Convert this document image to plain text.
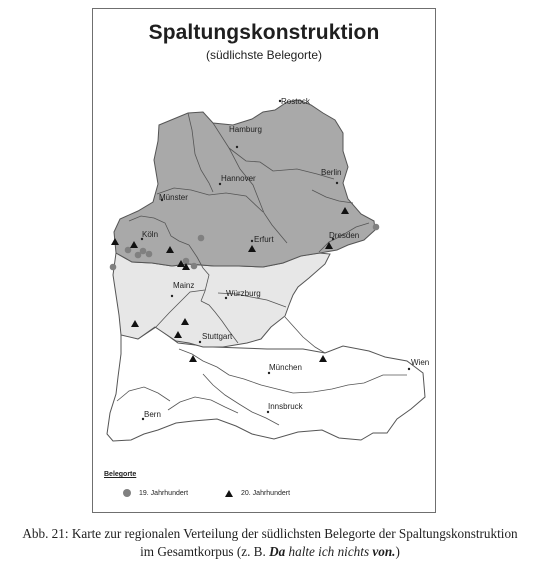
Spaltungskonstruktion
(südlichste Belegorte)
Rostock
Hamburg
Berlin
Hannover
Münster
Köln
Erfurt	Dresden
Mainz
Würzburg
Stuttgart
München
Wien
Bern
Innsbruck
Belegorte
19. Jahrhundert	20. Jahrhundert
Abb. 21: Karte zur regionalen Verteilung der südlichsten Belegorte der Spaltungskonstruktion
im Gesamtkorpus (z. B. Da halte ich nichts von.)
